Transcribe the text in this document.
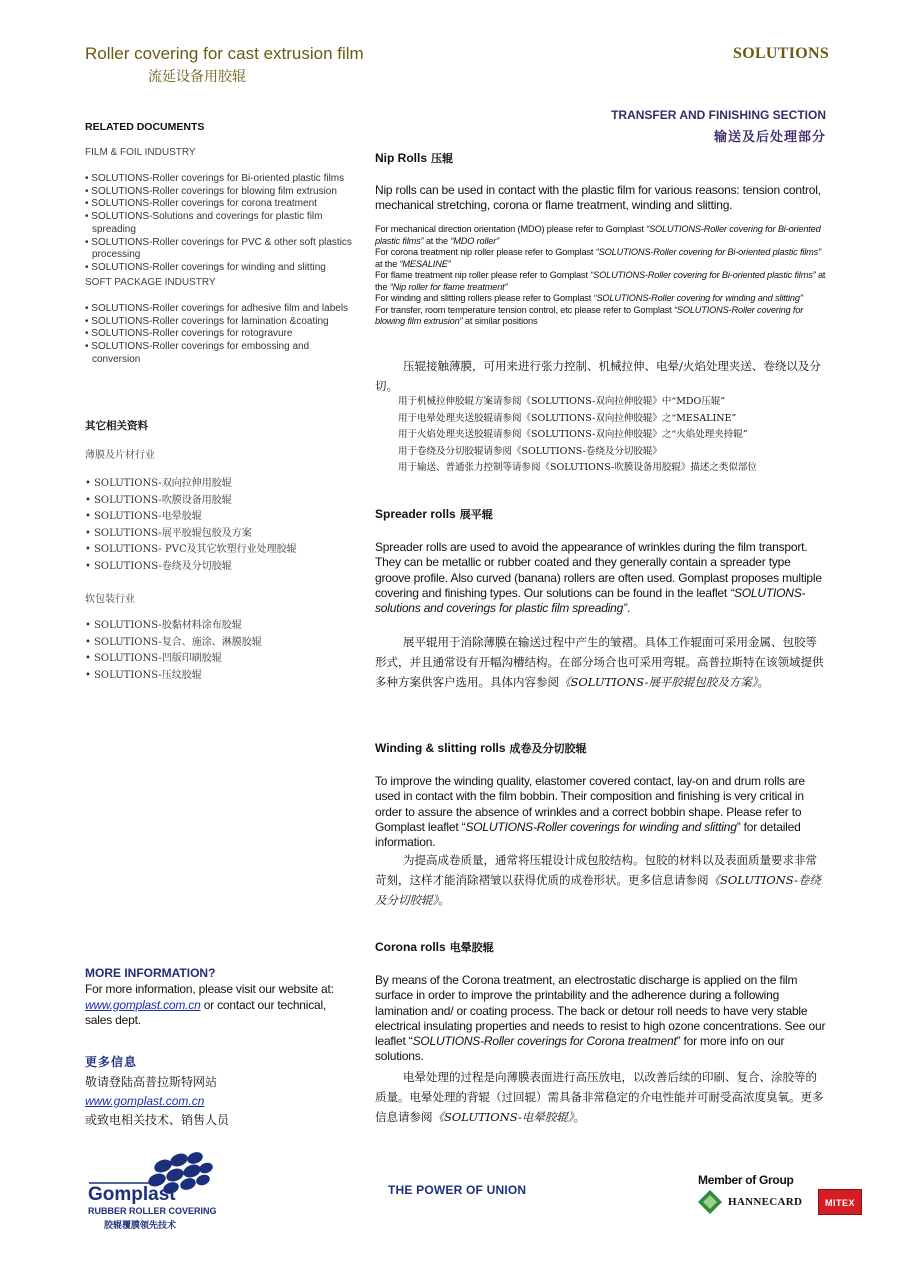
Roller covering for cast extrusion film
流延设备用胶辊
SOLUTIONS
RELATED DOCUMENTS
FILM & FOIL INDUSTRY
• SOLUTIONS-Roller coverings for Bi-oriented plastic films
• SOLUTIONS-Roller coverings for blowing film extrusion
• SOLUTIONS-Roller coverings for corona treatment
• SOLUTIONS-Solutions and coverings for plastic film spreading
• SOLUTIONS-Roller coverings for PVC & other soft plastics processing
• SOLUTIONS-Roller coverings for winding and slitting
SOFT PACKAGE INDUSTRY
• SOLUTIONS-Roller coverings for adhesive film and labels
• SOLUTIONS-Roller coverings for lamination &coating
• SOLUTIONS-Roller coverings for rotogravure
• SOLUTIONS-Roller coverings for embossing and conversion
其它相关资料
薄膜及片材行业
• SOLUTIONS-双向拉伸用胶辊
• SOLUTIONS-吹膜设备用胶辊
• SOLUTIONS-电晕胶辊
• SOLUTIONS-展平胶辊包胶及方案
• SOLUTIONS- PVC及其它软塑行业处理胶辊
• SOLUTIONS-卷绕及分切胶辊
软包装行业
• SOLUTIONS-胶黏材料涂布胶辊
• SOLUTIONS-复合、施涂、淋膜胶辊
• SOLUTIONS-凹版印刷胶辊
• SOLUTIONS-压纹胶辊
TRANSFER AND FINISHING SECTION
输送及后处理部分
Nip Rolls 压辊
Nip rolls can be used in contact with the plastic film for various reasons: tension control, mechanical stretching, corona or flame treatment, winding and slitting.
For mechanical direction orientation (MDO) please refer to Gomplast “SOLUTIONS-Roller covering for Bi-oriented plastic films” at the “MDO roller”
For corona treatment nip roller please refer to Gomplast “SOLUTIONS-Roller covering for Bi-oriented plastic films” at the “MESALINE”
For flame treatment nip roller please refer to Gomplast “SOLUTIONS-Roller covering for Bi-oriented plastic films” at the “Nip roller for flame treatment”
For winding and slitting rollers please refer to Gomplast “SOLUTIONS-Roller covering for winding and slitting”
For transfer, room temperature tension control, etc please refer to Gomplast “SOLUTIONS-Roller covering for blowing film extrusion” at similar positions
压辊接触薄膜，可用来进行张力控制、机械拉伸、电晕/火焰处理夹送、卷绕以及分切。
用于机械拉伸胶辊方案请参阅《SOLUTIONS-双向拉伸胶辊》中“MDO压辊”
用于电晕处理夹送胶辊请参阅《SOLUTIONS-双向拉伸胶辊》之“MESALINE”
用于火焰处理夹送胶辊请参阅《SOLUTIONS-双向拉伸胶辊》之“火焰处理夹持辊”
用于卷绕及分切胶辊请参阅《SOLUTIONS-卷绕及分切胶辊》
用于输送、普通张力控制等请参阅《SOLUTIONS-吹膜设备用胶辊》描述之类似部位
Spreader rolls 展平辊
Spreader rolls are used to avoid the appearance of wrinkles during the film transport. They can be metallic or rubber coated and they generally contain a spreader type groove profile. Also curved (banana) rollers are often used. Gomplast proposes multiple covering and finishing types. Our solutions can be found in the leaflet “SOLUTIONS-solutions and coverings for plastic film spreading”.
展平辊用于消除薄膜在输送过程中产生的皱褶。具体工作辊面可采用金属、包胶等形式，并且通常设有开幅沟槽结构。在部分场合也可采用弯辊。高普拉斯特在该领域提供多种方案供客户选用。具体内容参阅《SOLUTIONS-展平胶辊包胶及方案》。
Winding & slitting rolls 成卷及分切胶辊
To improve the winding quality, elastomer covered contact, lay-on and drum rolls are used in contact with the film bobbin. Their composition and finishing is very critical in order to assure the absence of wrinkles and a correct bobbin shape. Please refer to Gomplast leaflet “SOLUTIONS-Roller coverings for winding and slitting” for detailed information.
为提高成卷质量，通常将压辊设计成包胶结构。包胶的材料以及表面质量要求非常苛刻，这样才能消除褶皱以获得优质的成卷形状。更多信息请参阅《SOLUTIONS-卷绕及分切胶辊》。
Corona rolls 电晕胶辊
By means of the Corona treatment, an electrostatic discharge is applied on the film surface in order to improve the printability and the adherence during a following lamination and/ or coating process. The back or detour roll needs to have very stable electrical insulating properties and needs to resist to high ozone concentrations. See our leaflet “SOLUTIONS-Roller coverings for Corona treatment” for more info on our solutions.
电晕处理的过程是向薄膜表面进行高压放电，以改善后续的印刷、复合、涂胶等的质量。电晕处理的背辊（过回辊）需具备非常稳定的介电性能并可耐受高浓度臭氧。更多信息请参阅《SOLUTIONS-电晕胶辊》。
MORE INFORMATION?
For more information, please visit our website at:
www.gomplast.com.cn or contact our technical, sales dept.
更多信息
敬请登陆高普拉斯特网站
www.gomplast.com.cn
或致电相关技术、销售人员
Gomplast
RUBBER ROLLER COVERING
胶辊覆膜领先技术
THE POWER OF UNION
Member of Group
HANNECARD	MITEX
